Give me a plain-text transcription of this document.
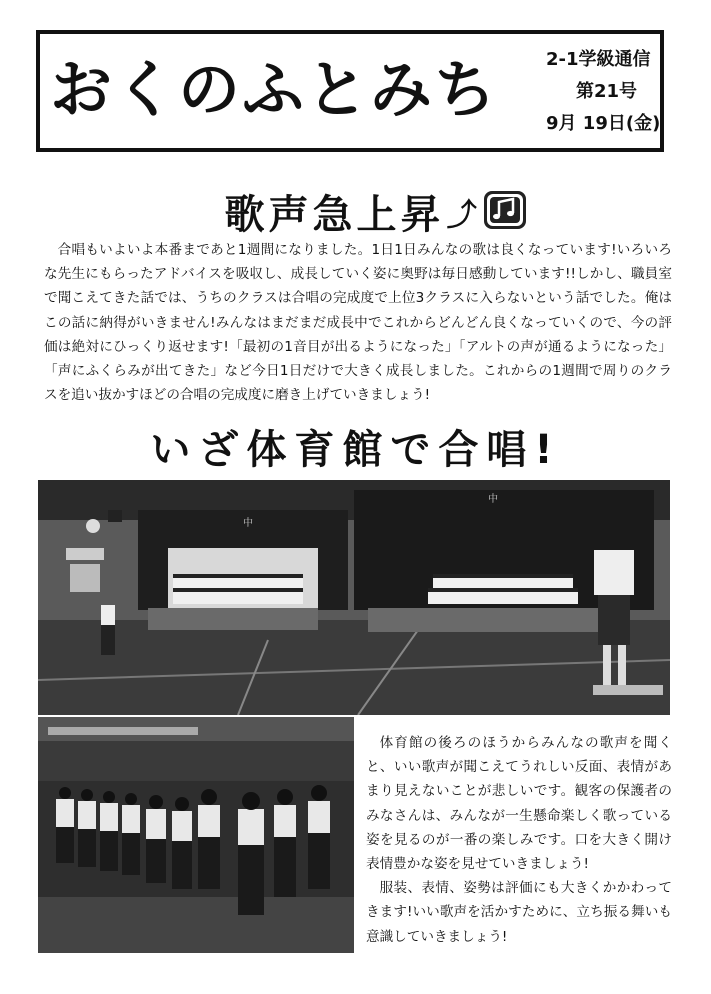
おくのふとみち	2-1学級通信
第21号
9月 19日(金)
歌声急上昇⤴
合唱もいよいよ本番まであと1週間になりました。1日1日みんなの歌は良くなっています!いろいろな先生にもらったアドバイスを吸収し、成長していく姿に奥野は毎日感動しています!!しかし、職員室で聞こえてきた話では、うちのクラスは合唱の完成度で上位3クラスに入らないという話でした。俺はこの話に納得がいきません!みんなはまだまだ成長中でこれからどんどん良くなっていくので、今の評価は絶対にひっくり返せます!「最初の1音目が出るようになった」「アルトの声が通るようになった」「声にふくらみが出てきた」など今日1日だけで大きく成長しました。これからの1週間で周りのクラスを追い抜かすほどの合唱の完成度に磨き上げていきましょう!
いざ体育館で合唱!
中
中

体育館の後ろのほうからみんなの歌声を聞くと、いい歌声が聞こえてうれしい反面、表情があまり見えないことが悲しいです。観客の保護者のみなさんは、みんなが一生懸命楽しく歌っている姿を見るのが一番の楽しみです。口を大きく開け表情豊かな姿を見せていきましょう!

服装、表情、姿勢は評価にも大きくかかわってきます!いい歌声を活かすために、立ち振る舞いも意識していきましょう!
